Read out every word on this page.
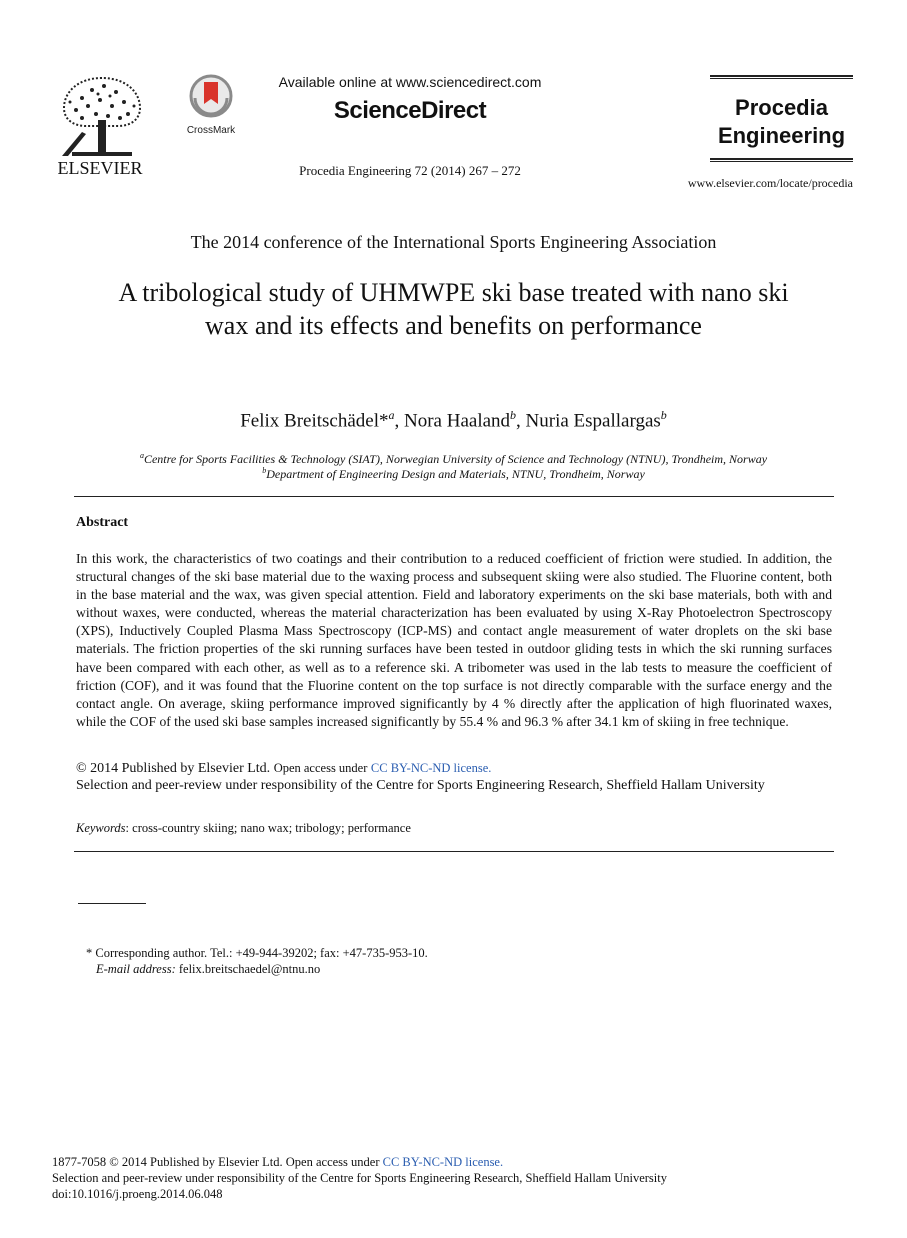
ELSEVIER
CrossMark
Available online at www.sciencedirect.com
ScienceDirect
Procedia Engineering 72 (2014) 267 – 272
Procedia
Engineering
www.elsevier.com/locate/procedia
The 2014 conference of the International Sports Engineering Association
A tribological study of UHMWPE ski base treated with nano ski
wax and its effects and benefits on performance
Felix Breitschädel*$^a$, Nora Haaland$^b$, Nuria Espallargas$^b$
$^a$Centre for Sports Facilities & Technology (SIAT), Norwegian University of Science and Technology (NTNU), Trondheim, Norway
$^b$Department of Engineering Design and Materials, NTNU, Trondheim, Norway
Abstract
In this work, the characteristics of two coatings and their contribution to a reduced coefficient of friction were studied. In addition, the structural changes of the ski base material due to the waxing process and subsequent skiing were also studied. The Fluorine content, both in the base material and the wax, was given special attention. Field and laboratory experiments on the ski base materials, both with and without waxes, were conducted, whereas the material characterization has been evaluated by using X-Ray Photoelectron Spectroscopy (XPS), Inductively Coupled Plasma Mass Spectroscopy (ICP-MS) and contact angle measurement of water droplets on the ski base materials. The friction properties of the ski running surfaces have been tested in outdoor gliding tests in which the ski running surfaces have been compared with each other, as well as to a reference ski. A tribometer was used in the lab tests to measure the coefficient of friction (COF), and it was found that the Fluorine content on the top surface is not directly comparable with the surface energy and the contact angle. On average, skiing performance improved significantly by 4 % directly after the application of high fluorinated waxes, while the COF of the used ski base samples increased significantly by 55.4 % and 96.3 % after 34.1 km of skiing in free technique.
© 2014 Published by Elsevier Ltd. Open access under CC BY-NC-ND license.
Selection and peer-review under responsibility of the Centre for Sports Engineering Research, Sheffield Hallam University
Keywords: cross-country skiing; nano wax; tribology; performance
* Corresponding author. Tel.: +49-944-39202; fax: +47-735-953-10.
E-mail address: felix.breitschaedel@ntnu.no
1877-7058 © 2014 Published by Elsevier Ltd. Open access under CC BY-NC-ND license.
Selection and peer-review under responsibility of the Centre for Sports Engineering Research, Sheffield Hallam University
doi:10.1016/j.proeng.2014.06.048
